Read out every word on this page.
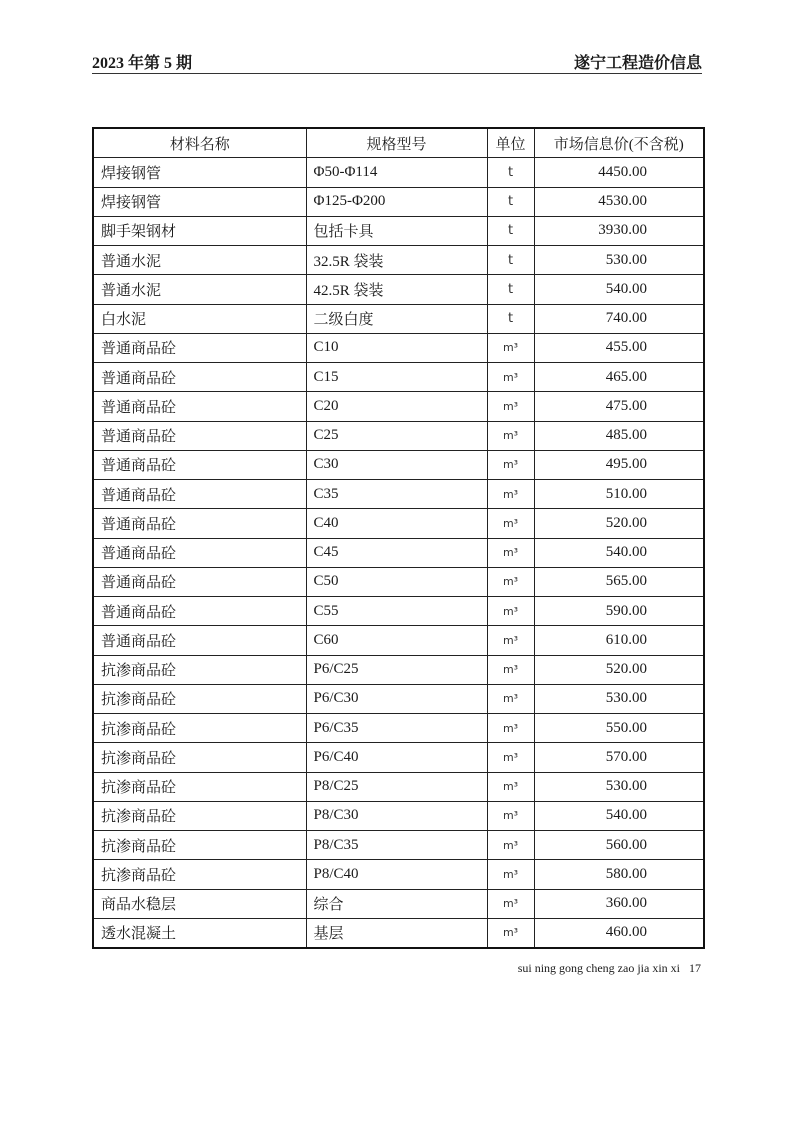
2023 年第 5 期	遂宁工程造价信息
材料名称	规格型号	单位	市场信息价(不含税)
焊接钢管	Φ50-Φ114	t	4450.00
焊接钢管	Φ125-Φ200	t	4530.00
脚手架钢材	包括卡具	t	3930.00
普通水泥	32.5R 袋装	t	530.00
普通水泥	42.5R 袋装	t	540.00
白水泥	二级白度	t	740.00
普通商品砼	C10	m³	455.00
普通商品砼	C15	m³	465.00
普通商品砼	C20	m³	475.00
普通商品砼	C25	m³	485.00
普通商品砼	C30	m³	495.00
普通商品砼	C35	m³	510.00
普通商品砼	C40	m³	520.00
普通商品砼	C45	m³	540.00
普通商品砼	C50	m³	565.00
普通商品砼	C55	m³	590.00
普通商品砼	C60	m³	610.00
抗渗商品砼	P6/C25	m³	520.00
抗渗商品砼	P6/C30	m³	530.00
抗渗商品砼	P6/C35	m³	550.00
抗渗商品砼	P6/C40	m³	570.00
抗渗商品砼	P8/C25	m³	530.00
抗渗商品砼	P8/C30	m³	540.00
抗渗商品砼	P8/C35	m³	560.00
抗渗商品砼	P8/C40	m³	580.00
商品水稳层	综合	m³	360.00
透水混凝土	基层	m³	460.00
sui ning gong cheng zao jia xin xi 17
